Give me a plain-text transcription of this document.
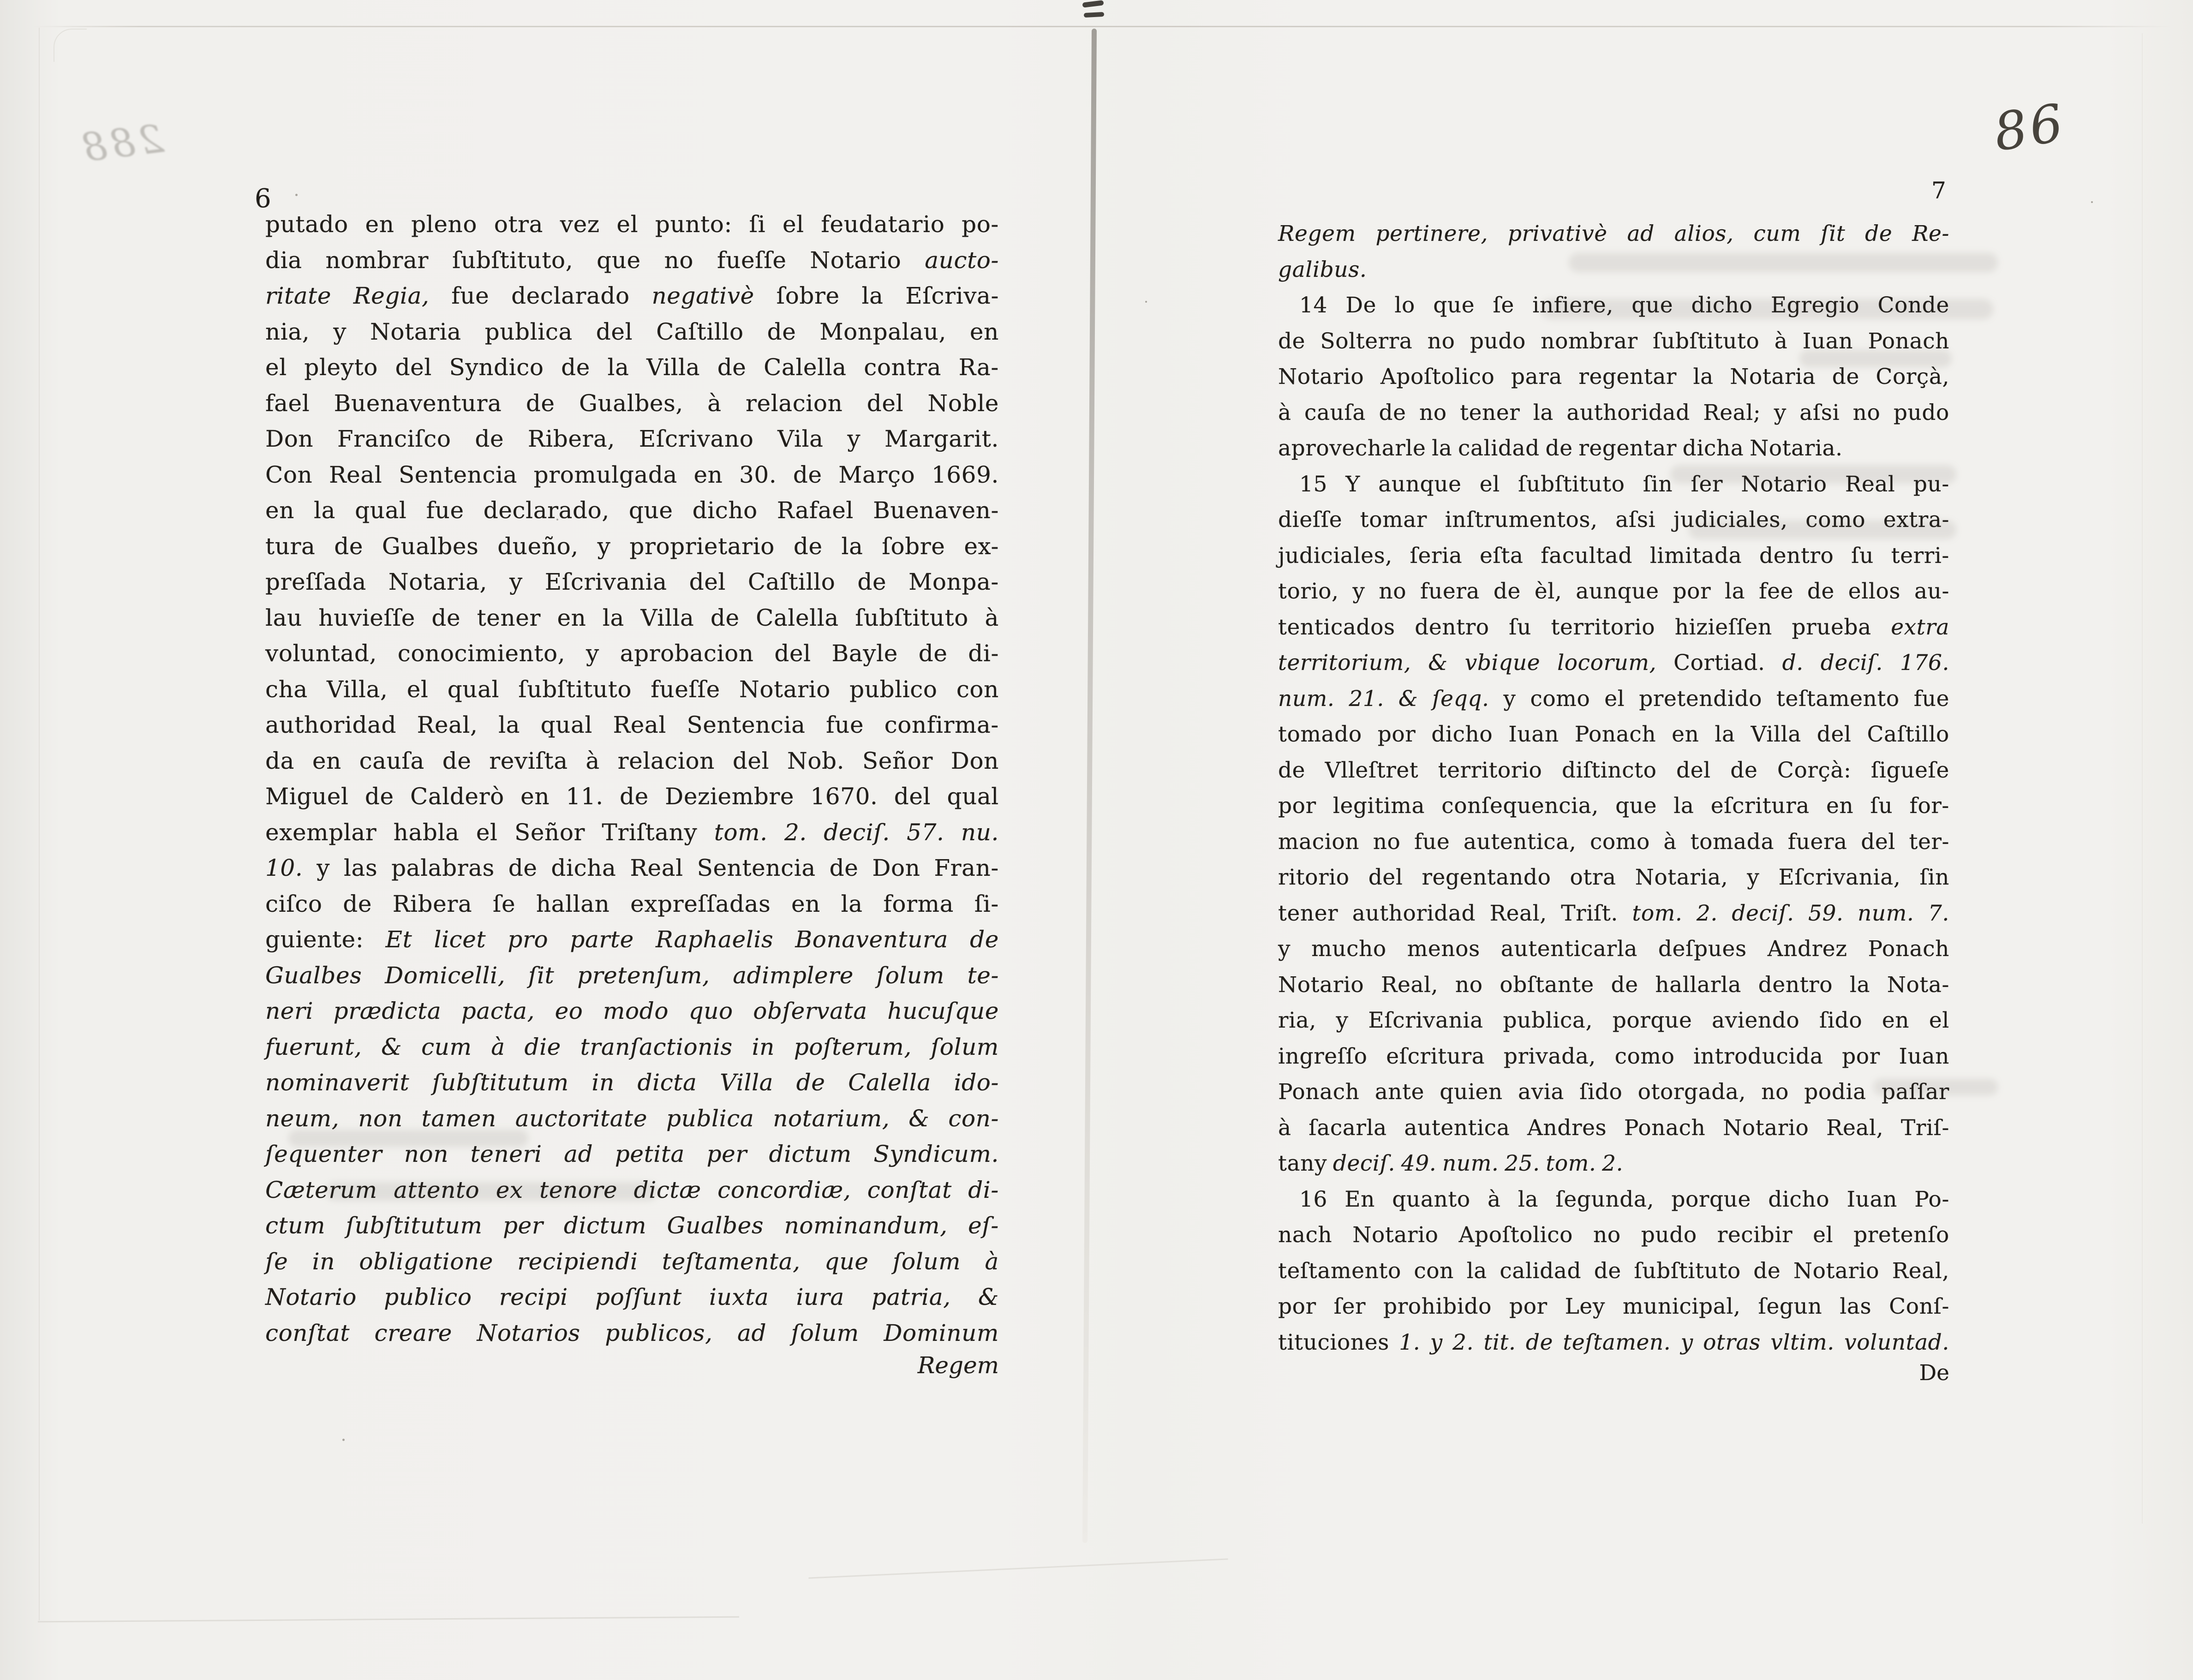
288	86
6	7
putado en pleno otra vez el punto: ſi el feudatario po-
dia nombrar ſubſtituto, que no fueſſe Notario aucto-
ritate Regia, fue declarado negativè ſobre la Eſcriva-
nia, y Notaria publica del Caſtillo de Monpalau, en
el pleyto del Syndico de la Villa de Calella contra Ra-
fael Buenaventura de Gualbes, à relacion del Noble
Don Franciſco de Ribera, Eſcrivano Vila y Margarit.
Con Real Sentencia promulgada en 30. de Março 1669.
en la qual fue declarado, que dicho Rafael Buenaven-
tura de Gualbes dueño, y proprietario de la ſobre ex-
preſſada Notaria, y Eſcrivania del Caſtillo de Monpa-
lau huvieſſe de tener en la Villa de Calella ſubſtituto à
voluntad, conocimiento, y aprobacion del Bayle de di-
cha Villa, el qual ſubſtituto fueſſe Notario publico con
authoridad Real, la qual Real Sentencia fue confirma-
da en cauſa de reviſta à relacion del Nob. Señor Don
Miguel de Calderò en 11. de Deziembre 1670. del qual
exemplar habla el Señor Triſtany tom. 2. deciſ. 57. nu.
10. y las palabras de dicha Real Sentencia de Don Fran-
ciſco de Ribera ſe hallan expreſſadas en la forma ſi-
guiente: Et licet pro parte Raphaelis Bonaventura de
Gualbes Domicelli, ſit pretenſum, adimplere ſolum te-
neri prædicta pacta, eo modo quo obſervata hucuſque
fuerunt, & cum à die tranſactionis in poſterum, ſolum
nominaverit ſubſtitutum in dicta Villa de Calella ido-
neum, non tamen auctoritate publica notarium, & con-
ſequenter non teneri ad petita per dictum Syndicum.
Cæterum attento ex tenore dictæ concordiæ, conſtat di-
ctum ſubſtitutum per dictum Gualbes nominandum, eſ-
ſe in obligatione recipiendi teſtamenta, que ſolum à
Notario publico recipi poſſunt iuxta iura patria, &
conſtat creare Notarios publicos, ad ſolum Dominum
Regem pertinere, privativè ad alios, cum ſit de Re-
galibus.
14 De lo que ſe infiere, que dicho Egregio Conde
de Solterra no pudo nombrar ſubſtituto à Iuan Ponach
Notario Apoſtolico para regentar la Notaria de Corçà,
à cauſa de no tener la authoridad Real; y aſsi no pudo
aprovecharle la calidad de regentar dicha Notaria.
15 Y aunque el ſubſtituto ſin ſer Notario Real pu-
dieſſe tomar inſtrumentos, aſsi judiciales, como extra-
judiciales, ſeria eſta facultad limitada dentro ſu terri-
torio, y no fuera de èl, aunque por la fee de ellos au-
tenticados dentro ſu territorio hizieſſen prueba extra
territorium, & vbique locorum, Cortiad. d. deciſ. 176.
num. 21. & ſeqq. y como el pretendido teſtamento fue
tomado por dicho Iuan Ponach en la Villa del Caſtillo
de Vlleſtret territorio diſtincto del de Corçà: ſigueſe
por legitima conſequencia, que la eſcritura en ſu for-
macion no fue autentica, como à tomada fuera del ter-
ritorio del regentando otra Notaria, y Eſcrivania, ſin
tener authoridad Real, Triſt. tom. 2. deciſ. 59. num. 7.
y mucho menos autenticarla deſpues Andrez Ponach
Notario Real, no obſtante de hallarla dentro la Nota-
ria, y Eſcrivania publica, porque aviendo ſido en el
ingreſſo eſcritura privada, como introducida por Iuan
Ponach ante quien avia ſido otorgada, no podia paſſar
à ſacarla autentica Andres Ponach Notario Real, Triſ-
tany deciſ. 49. num. 25. tom. 2.
16 En quanto à la ſegunda, porque dicho Iuan Po-
nach Notario Apoſtolico no pudo recibir el pretenſo
teſtamento con la calidad de ſubſtituto de Notario Real,
por ſer prohibido por Ley municipal, ſegun las Conſ-
tituciones 1. y 2. tit. de teſtamen. y otras vltim. voluntad.
Regem	De
